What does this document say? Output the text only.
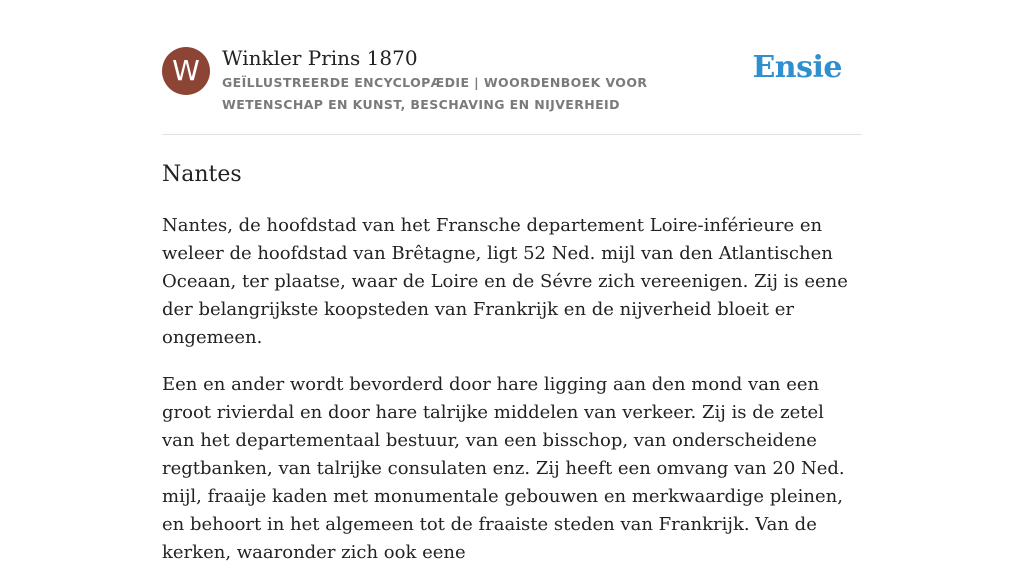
W	Winkler Prins 1870
GEÏLLUSTREERDE ENCYCLOPÆDIE | WOORDENBOEK VOOR WETENSCHAP EN KUNST, BESCHAVING EN NIJVERHEID
Ensie
Nantes

Nantes, de hoofdstad van het Fransche departement Loire-inférieure en weleer de hoofdstad van Brêtagne, ligt 52 Ned. mijl van den Atlantischen Oceaan, ter plaatse, waar de Loire en de Sévre zich vereenigen. Zij is eene der belangrijkste koopsteden van Frankrijk en de nijverheid bloeit er ongemeen.

Een en ander wordt bevorderd door hare ligging aan den mond van een groot rivierdal en door hare talrijke middelen van verkeer. Zij is de zetel van het departementaal bestuur, van een bisschop, van onderscheidene regtbanken, van talrijke consulaten enz. Zij heeft een omvang van 20 Ned. mijl, fraaije kaden met monumentale gebouwen en merkwaardige pleinen, en behoort in het algemeen tot de fraaiste steden van Frankrijk. Van de kerken, waaronder zich ook eene
